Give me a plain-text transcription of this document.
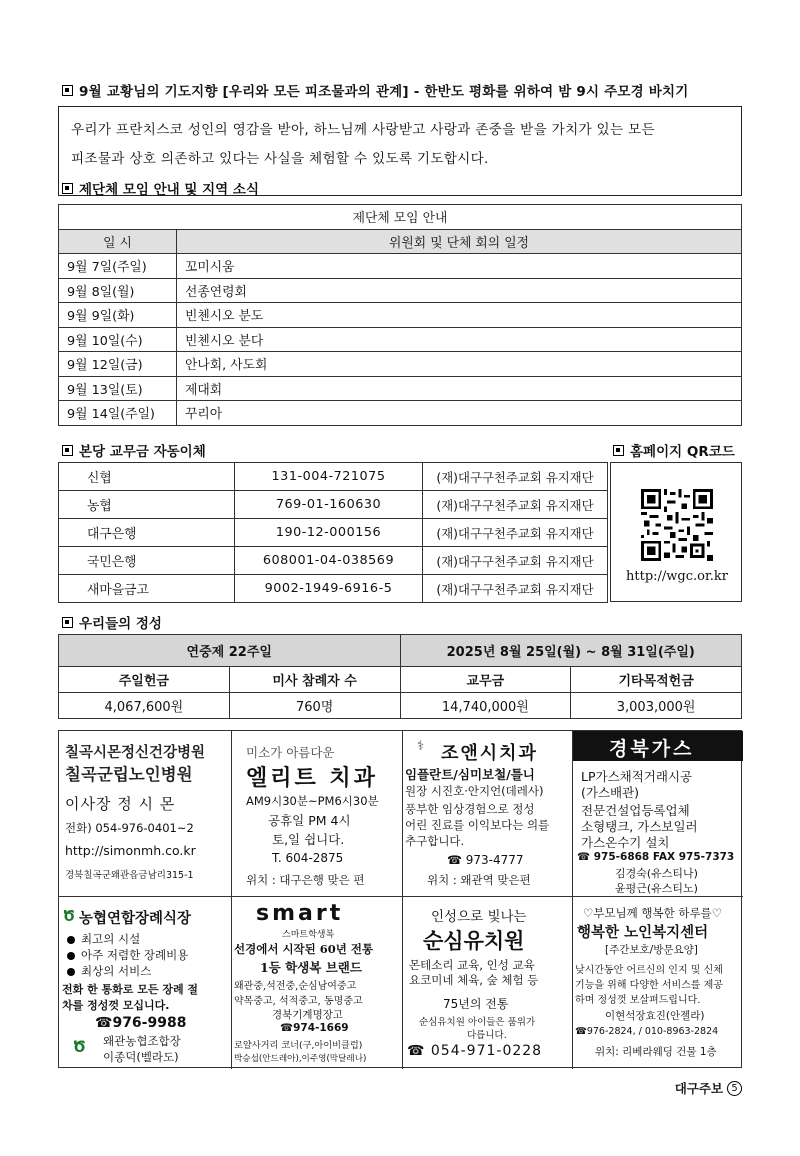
9월 교황님의 기도지향 [우리와 모든 피조물과의 관계] - 한반도 평화를 위하여 밤 9시 주모경 바치기
우리가 프란치스코 성인의 영감을 받아, 하느님께 사랑받고 사랑과 존중을 받을 가치가 있는 모든
피조물과 상호 의존하고 있다는 사실을 체험할 수 있도록 기도합시다.
제단체 모임 안내 및 지역 소식
제단체 모임 안내	
일 시	위원회 및 단체 회의 일정
9월 7일(주일)	꼬미시움
9월 8일(월)	선종연령회
9월 9일(화)	빈첸시오 분도
9월 10일(수)	빈첸시오 분다
9월 12일(금)	안나회, 사도회
9월 13일(토)	제대회
9월 14일(주일)	꾸리아
본당 교무금 자동이체	홈페이지 QR코드
신협	131-004-721075	(재)대구구천주교회 유지재단
농협	769-01-160630	(재)대구구천주교회 유지재단
대구은행	190-12-000156	(재)대구구천주교회 유지재단
국민은행	608001-04-038569	(재)대구구천주교회 유지재단
새마을금고	9002-1949-6916-5	(재)대구구천주교회 유지재단
http://wgc.or.kr
우리들의 정성
연중제 22주일		2025년 8월 25일(월) ~ 8월 31일(주일)	
주일헌금	미사 참례자 수	교무금	기타목적헌금
4,067,600원	760명	14,740,000원	3,003,000원
칠곡시몬정신건강병원
칠곡군립노인병원
이사장 정 시 몬
전화) 054-976-0401~2
http://simonmh.co.kr
경북칠곡군왜관읍금남리315-1
미소가 아름다운
엘리트 치과
AM9시30분~PM6시30분
공휴일 PM 4시
토,일 쉽니다.
T. 604-2875
위치 : 대구은행 맞은 편
⚕ 조앤시치과
임플란트/심미보철/틀니
원장 시진호·안지언(데레사)
풍부한 임상경험으로 정성
어린 진료를 이익보다는 의를
추구합니다.
☎ 973-4777
위치 : 왜관역 맞은편
경북가스
LP가스채적거래시공
(가스배관)
전문건설업등록업체
소형탱크, 가스보일러
가스온수기 설치
☎ 975-6868 FAX 975-7373
김경숙(유스티나)
윤평근(유스티노)
Ծ 농협연합장례식장
최고의 시설
아주 저렴한 장례비용
최상의 서비스
전화 한 통화로 모든 장례 절
차를 정성껏 모십니다.
☎976-9988
Ծ 왜관농협조합장
이종덕(벨라도)
smart
스마트학생복
선경에서 시작된 60년 전통
1등 학생복 브랜드
왜관중,석전중,순심남여중고
약목중고, 석적중고, 동명중고
경북기계명장고
☎974-1669
로얄사거리 코너(구,아이비클럽)
박승섭(안드레아),이주영(막달레나)
인성으로 빛나는
순심유치원
몬테소리 교육, 인성 교육
요코미네 체육, 숲 체험 등
75년의 전통
순심유치원 아이들은 품위가
다릅니다.
☎ 054-971-0228
♡부모님께 행복한 하루를♡
행복한 노인복지센터
[주간보호/방문요양]
낮시간동안 어르신의 인지 및 신체
기능을 위해 다양한 서비스를 제공
하며 정성껏 보살펴드립니다.
이현석장효진(안젤라)
☎976-2824, / 010-8963-2824
위치: 리베라웨딩 건물 1층
대구주보 5
